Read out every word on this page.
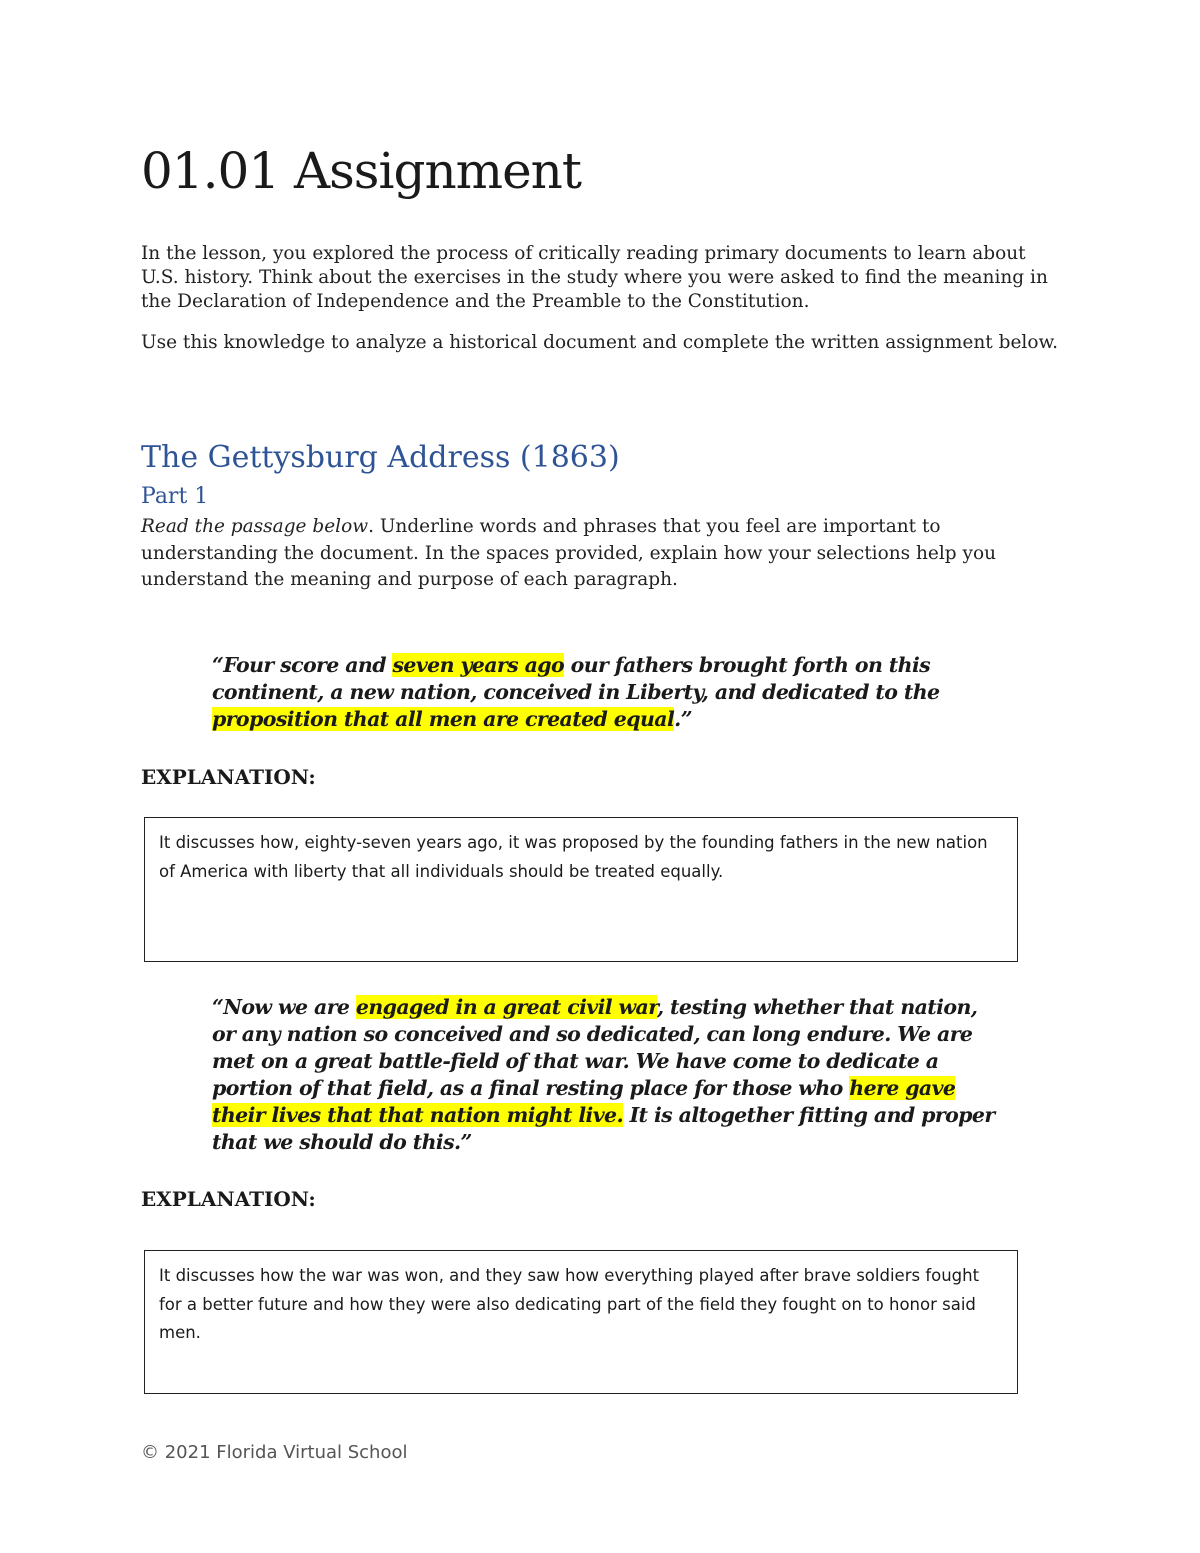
01.01 Assignment

In the lesson, you explored the process of critically reading primary documents to learn about U.S. history. Think about the exercises in the study where you were asked to find the meaning in the Declaration of Independence and the Preamble to the Constitution.

Use this knowledge to analyze a historical document and complete the written assignment below.

The Gettysburg Address (1863)
Part 1

Read the passage below. Underline words and phrases that you feel are important to understanding the document. In the spaces provided, explain how your selections help you understand the meaning and purpose of each paragraph.

“Four score and seven years ago our fathers brought forth on this continent, a new nation, conceived in Liberty, and dedicated to the proposition that all men are created equal.”

EXPLANATION:

It discusses how, eighty-seven years ago, it was proposed by the founding fathers in the new nation of America with liberty that all individuals should be treated equally.

“Now we are engaged in a great civil war, testing whether that nation, or any nation so conceived and so dedicated, can long endure. We are met on a great battle-field of that war. We have come to dedicate a portion of that field, as a final resting place for those who here gave their lives that that nation might live. It is altogether fitting and proper that we should do this.”

EXPLANATION:

It discusses how the war was won, and they saw how everything played after brave soldiers fought for a better future and how they were also dedicating part of the field they fought on to honor said men.

© 2021 Florida Virtual School
